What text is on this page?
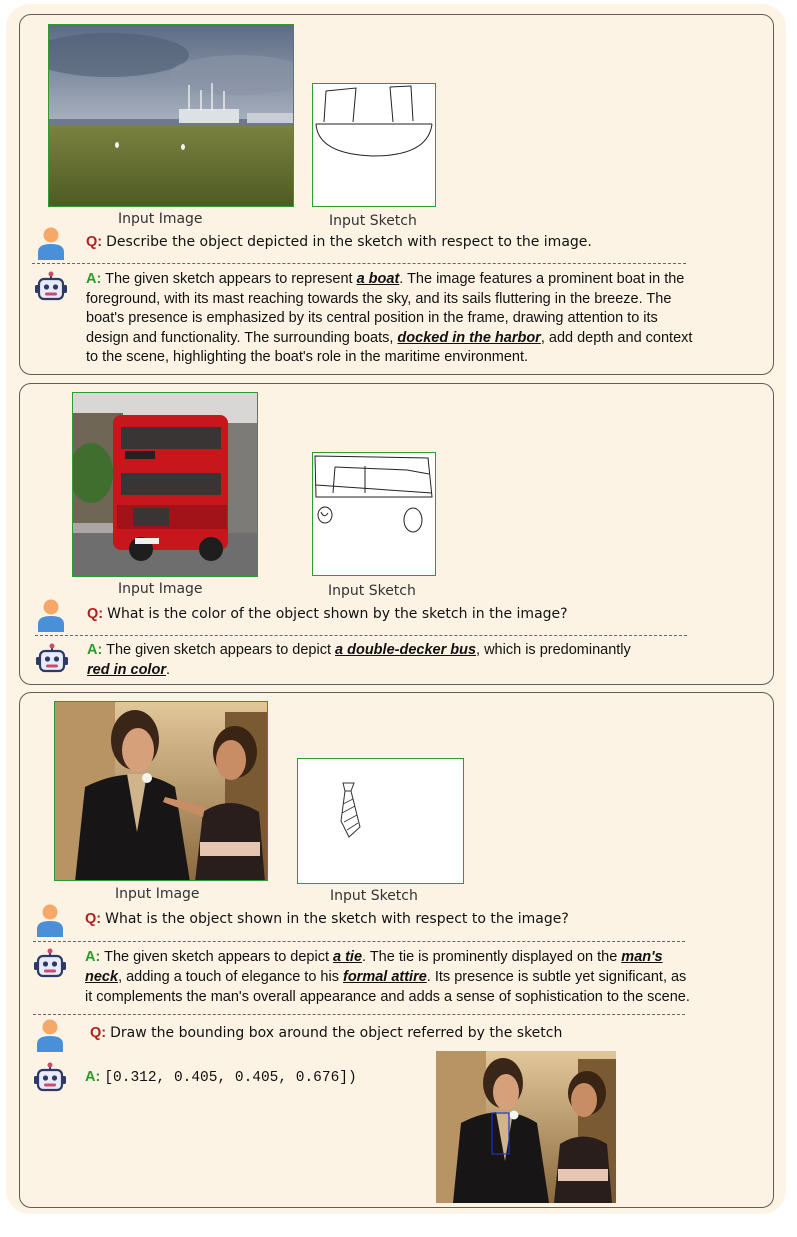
Input Image	Input Sketch
Q: Describe the object depicted in the sketch with respect to the image.
A: The given sketch appears to represent a boat. The image features a prominent boat in the
foreground, with its mast reaching towards the sky, and its sails fluttering in the breeze. The
boat's presence is emphasized by its central position in the frame, drawing attention to its
design and functionality. The surrounding boats, docked in the harbor, add depth and context
to the scene, highlighting the boat's role in the maritime environment.
Input Image	Input Sketch
Q: What is the color of the object shown by the sketch in the image?
A: The given sketch appears to depict a double-decker bus, which is predominantly
red in color.
Input Image	Input Sketch
Q: What is the object shown in the sketch with respect to the image?
A: The given sketch appears to depict a tie. The tie is prominently displayed on the man's
neck, adding a touch of elegance to his formal attire. Its presence is subtle yet significant, as
it complements the man's overall appearance and adds a sense of sophistication to the scene.
Q: Draw the bounding box around the object referred by the sketch
A: [0.312, 0.405, 0.405, 0.676])
